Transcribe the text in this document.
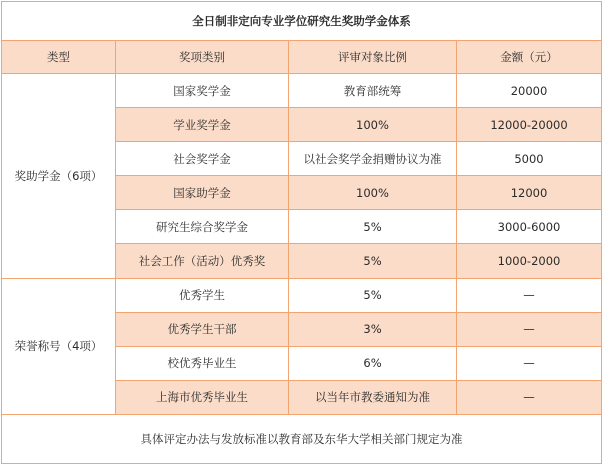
全日制非定向专业学位研究生奖助学金体系			
类型	奖项类别	评审对象比例	金额（元）
奖助学金（6项）	国家奖学金	教育部统筹	20000
	学业奖学金	100%	12000-20000
	社会奖学金	以社会奖学金捐赠协议为准	5000
	国家助学金	100%	12000
	研究生综合奖学金	5%	3000-6000
	社会工作（活动）优秀奖	5%	1000-2000
荣誉称号（4项）	优秀学生	5%	—
	优秀学生干部	3%	—
	校优秀毕业生	6%	—
	上海市优秀毕业生	以当年市教委通知为准	—
具体评定办法与发放标准以教育部及东华大学相关部门规定为准			
